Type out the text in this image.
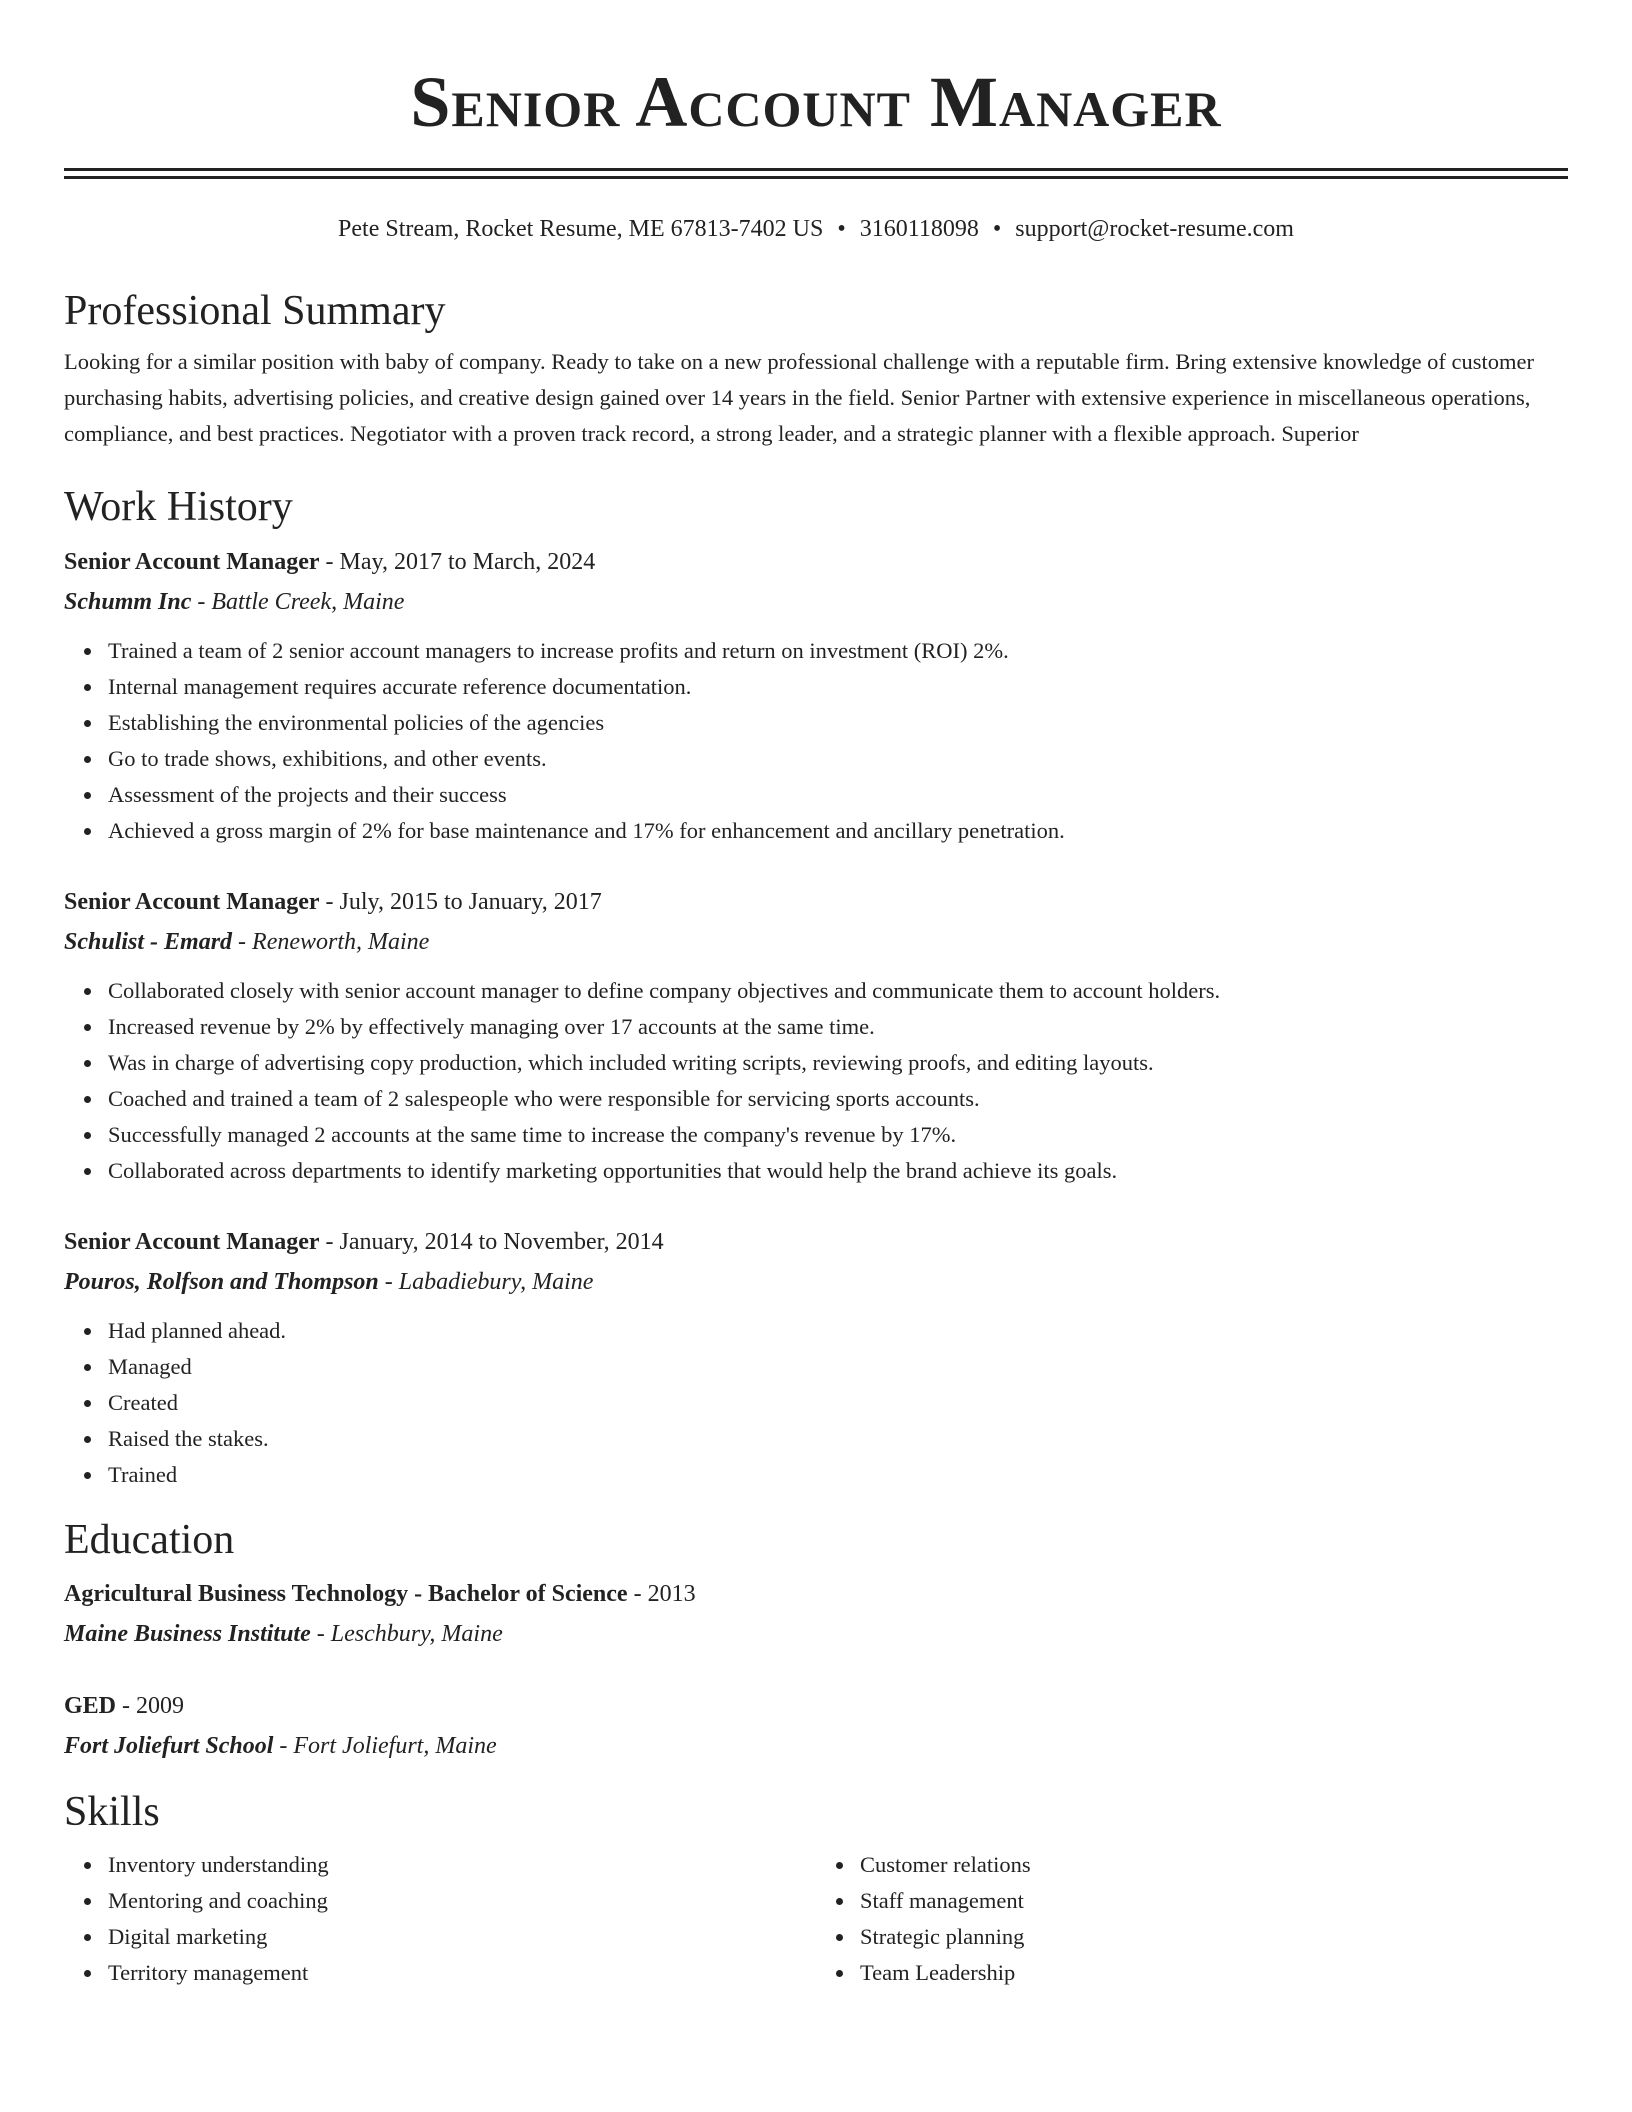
Senior Account Manager
Pete Stream, Rocket Resume, ME 67813-7402 US • 3160118098 • support@rocket-resume.com
Professional Summary
Looking for a similar position with baby of company. Ready to take on a new professional challenge with a reputable firm. Bring extensive knowledge of customer purchasing habits, advertising policies, and creative design gained over 14 years in the field. Senior Partner with extensive experience in miscellaneous operations, compliance, and best practices. Negotiator with a proven track record, a strong leader, and a strategic planner with a flexible approach. Superior
Work History
Senior Account Manager - May, 2017 to March, 2024
Schumm Inc - Battle Creek, Maine
Trained a team of 2 senior account managers to increase profits and return on investment (ROI) 2%.
Internal management requires accurate reference documentation.
Establishing the environmental policies of the agencies
Go to trade shows, exhibitions, and other events.
Assessment of the projects and their success
Achieved a gross margin of 2% for base maintenance and 17% for enhancement and ancillary penetration.
Senior Account Manager - July, 2015 to January, 2017
Schulist - Emard - Reneworth, Maine
Collaborated closely with senior account manager to define company objectives and communicate them to account holders.
Increased revenue by 2% by effectively managing over 17 accounts at the same time.
Was in charge of advertising copy production, which included writing scripts, reviewing proofs, and editing layouts.
Coached and trained a team of 2 salespeople who were responsible for servicing sports accounts.
Successfully managed 2 accounts at the same time to increase the company's revenue by 17%.
Collaborated across departments to identify marketing opportunities that would help the brand achieve its goals.
Senior Account Manager - January, 2014 to November, 2014
Pouros, Rolfson and Thompson - Labadiebury, Maine
Had planned ahead.
Managed
Created
Raised the stakes.
Trained
Education
Agricultural Business Technology - Bachelor of Science - 2013
Maine Business Institute - Leschbury, Maine
GED - 2009
Fort Joliefurt School - Fort Joliefurt, Maine
Skills
Inventory understanding
Mentoring and coaching
Digital marketing
Territory management
Customer relations
Staff management
Strategic planning
Team Leadership
